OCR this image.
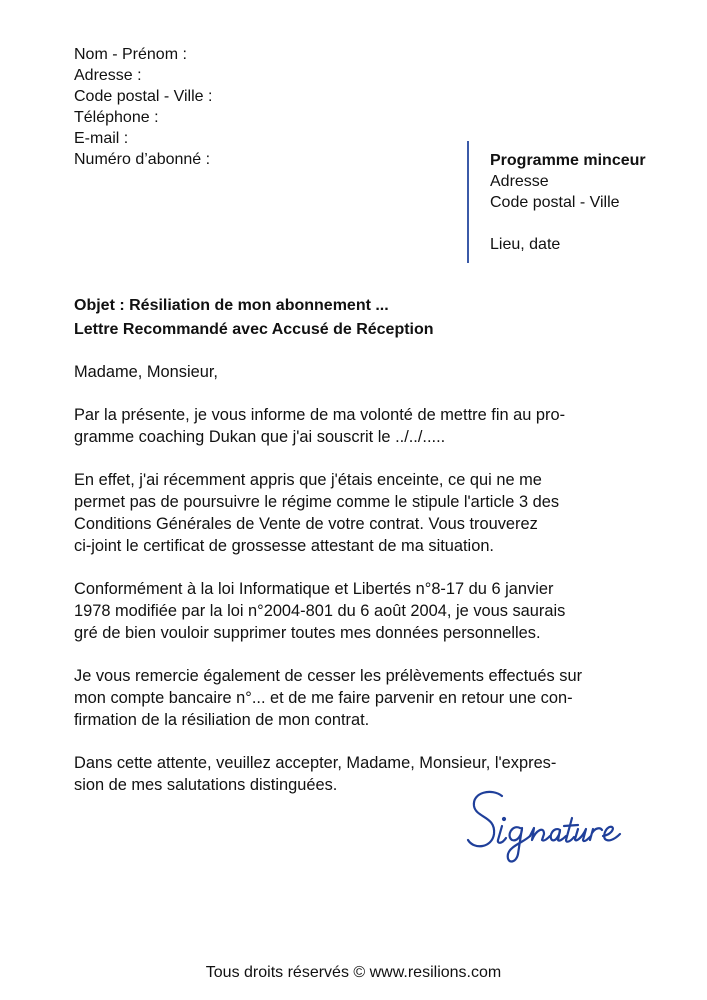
Nom - Prénom :
Adresse :
Code postal - Ville :
Téléphone :
E-mail :
Numéro d’abonné :	Programme minceur
Adresse
Code postal - Ville
Lieu, date
Objet : Résiliation de mon abonnement ...
Lettre Recommandé avec Accusé de Réception

Madame, Monsieur,

Par la présente, je vous informe de ma volonté de mettre fin au pro-
gramme coaching Dukan que j'ai souscrit le ../../.....

En effet, j'ai récemment appris que j'étais enceinte, ce qui ne me
permet pas de poursuivre le régime comme le stipule l'article 3 des
Conditions Générales de Vente de votre contrat. Vous trouverez
ci-joint le certificat de grossesse attestant de ma situation.

Conformément à la loi Informatique et Libertés n°8-17 du 6 janvier
1978 modifiée par la loi n°2004-801 du 6 août 2004, je vous saurais
gré de bien vouloir supprimer toutes mes données personnelles.

Je vous remercie également de cesser les prélèvements effectués sur
mon compte bancaire n°... et de me faire parvenir en retour une con-
firmation de la résiliation de mon contrat.

Dans cette attente, veuillez accepter, Madame, Monsieur, l'expres-
sion de mes salutations distinguées.

Tous droits réservés © www.resilions.com
